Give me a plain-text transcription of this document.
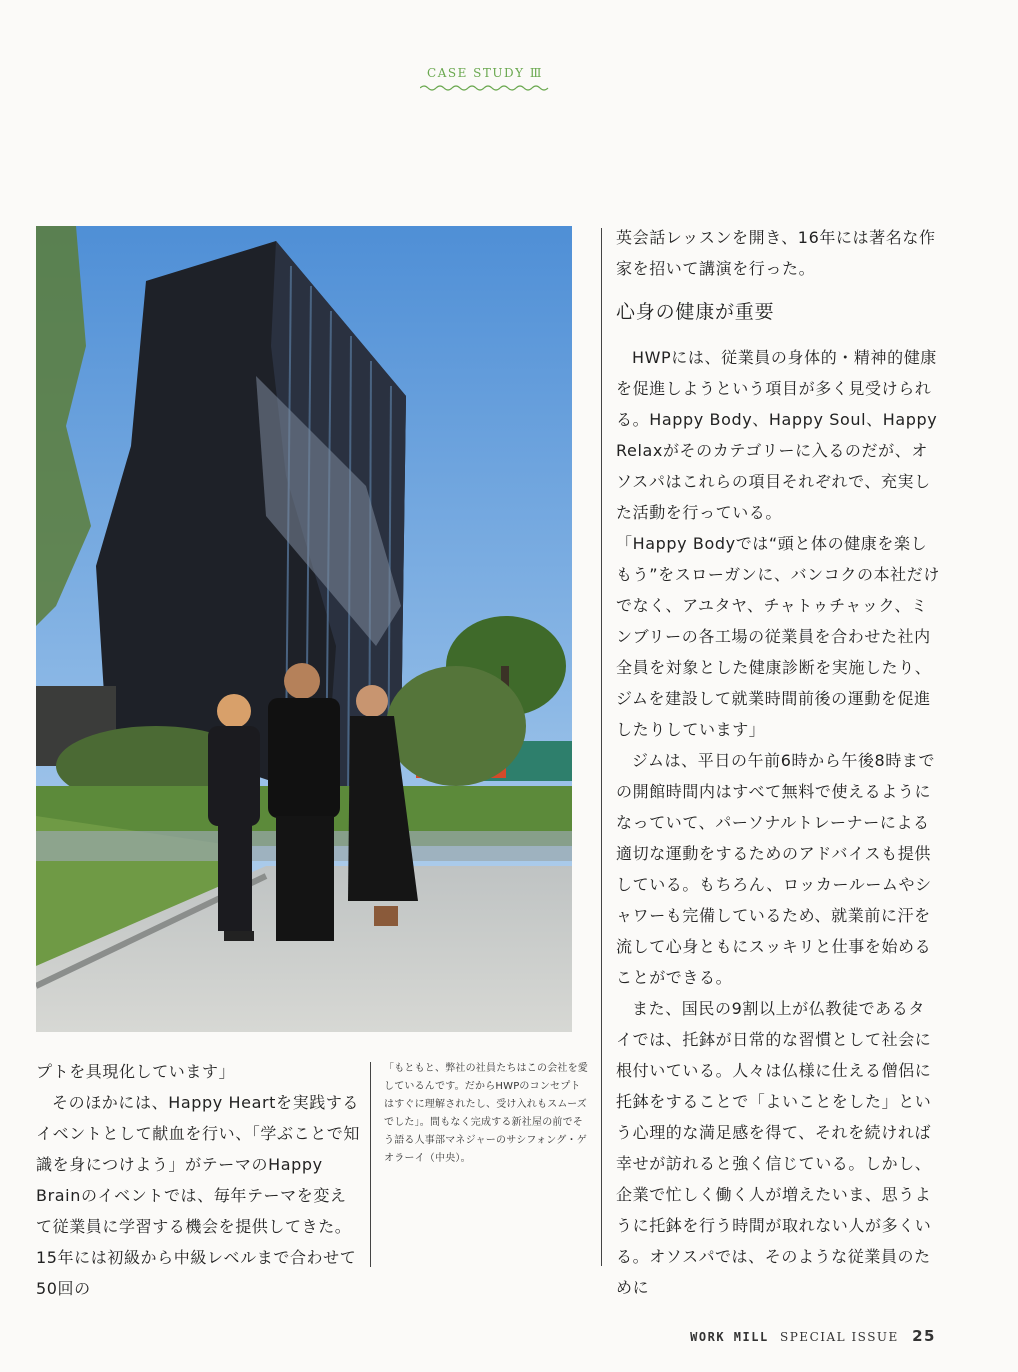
CASE STUDY Ⅲ

プトを具現化しています」

そのほかには、Happy Heartを実践するイベントとして献血を行い、「学ぶことで知識を身につけよう」がテーマのHappy Brainのイベントでは、毎年テーマを変えて従業員に学習する機会を提供してきた。15年には初級から中級レベルまで合わせて50回の

「もともと、弊社の社員たちはこの会社を愛しているんです。だからHWPのコンセプトはすぐに理解されたし、受け入れもスムーズでした」。間もなく完成する新社屋の前でそう語る人事部マネジャーのサシフォング・ゲオラーイ（中央）。

英会話レッスンを開き、16年には著名な作家を招いて講演を行った。

心身の健康が重要

HWPには、従業員の身体的・精神的健康を促進しようという項目が多く見受けられる。Happy Body、Happy Soul、Happy Relaxがそのカテゴリーに入るのだが、オソスパはこれらの項目それぞれで、充実した活動を行っている。

「Happy Bodyでは“頭と体の健康を楽しもう”をスローガンに、バンコクの本社だけでなく、アユタヤ、チャトゥチャック、ミンブリーの各工場の従業員を合わせた社内全員を対象とした健康診断を実施したり、ジムを建設して就業時間前後の運動を促進したりしています」

ジムは、平日の午前6時から午後8時までの開館時間内はすべて無料で使えるようになっていて、パーソナルトレーナーによる適切な運動をするためのアドバイスも提供している。もちろん、ロッカールームやシャワーも完備しているため、就業前に汗を流して心身ともにスッキリと仕事を始めることができる。

また、国民の9割以上が仏教徒であるタイでは、托鉢が日常的な習慣として社会に根付いている。人々は仏様に仕える僧侶に托鉢をすることで「よいことをした」という心理的な満足感を得て、それを続ければ幸せが訪れると強く信じている。しかし、企業で忙しく働く人が増えたいま、思うように托鉢を行う時間が取れない人が多くいる。オソスパでは、そのような従業員のために

WORK MILL SPECIAL ISSUE 25
